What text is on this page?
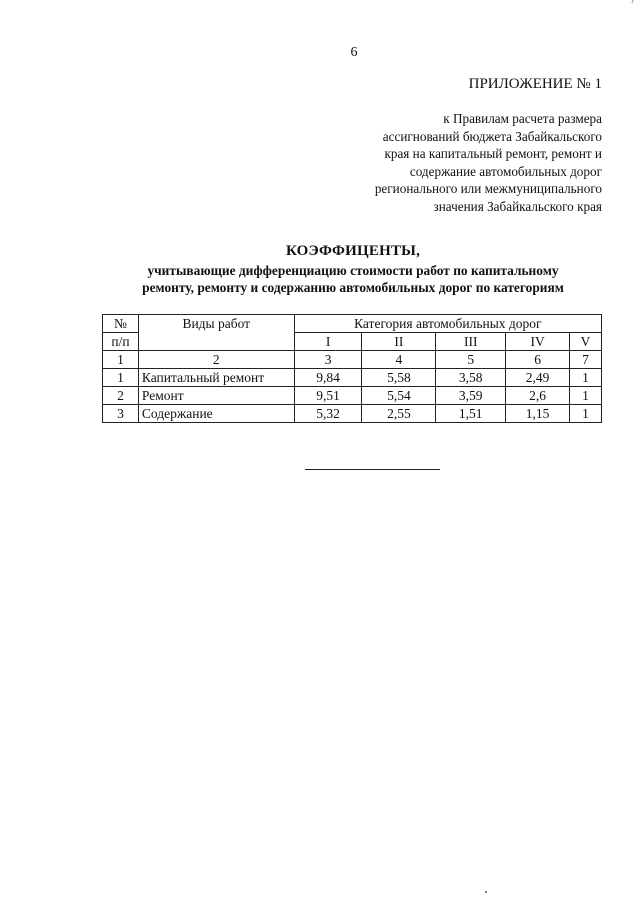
6
ПРИЛОЖЕНИЕ № 1
к Правилам расчета размера
ассигнований бюджета Забайкальского
края на капитальный ремонт, ремонт и
содержание автомобильных дорог
регионального или межмуниципального
значения Забайкальского края
КОЭФФИЦЕНТЫ,
учитывающие дифференциацию стоимости работ по капитальному
ремонту, ремонту и содержанию автомобильных дорог по категориям
№	Виды работ	Категория автомобильных дорог				
п/п		I	II	III	IV	V
1	2	3	4	5	6	7
1	Капитальный ремонт	9,84	5,58	3,58	2,49	1
2	Ремонт	9,51	5,54	3,59	2,6	1
3	Содержание	5,32	2,55	1,51	1,15	1
